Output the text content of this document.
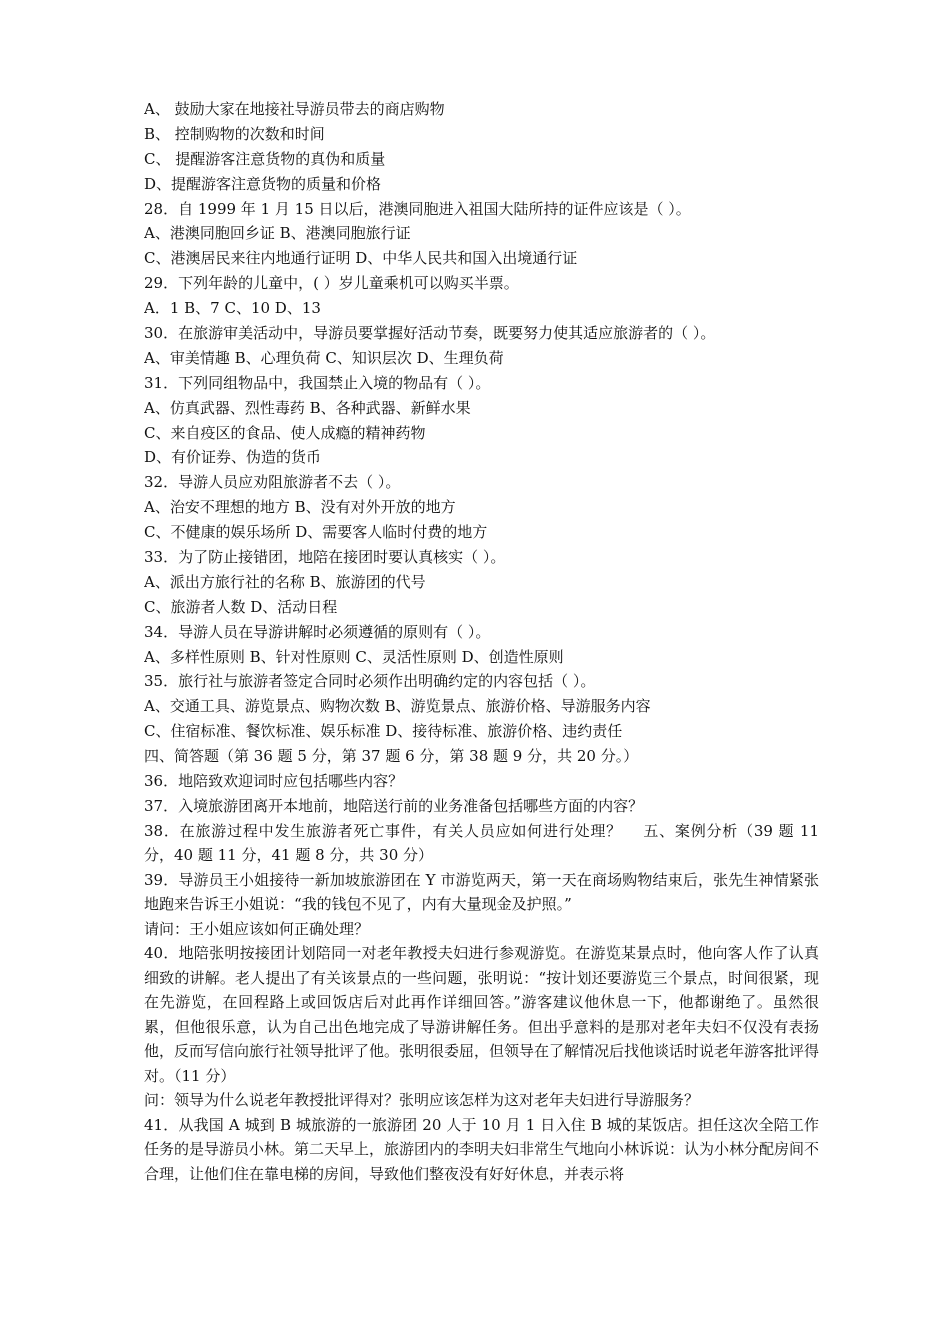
A、 鼓励大家在地接社导游员带去的商店购物
B、 控制购物的次数和时间
C、 提醒游客注意货物的真伪和质量
D、提醒游客注意货物的质量和价格
28．自 1999 年 1 月 15 日以后，港澳同胞进入祖国大陆所持的证件应该是（ ）。
A、港澳同胞回乡证 B、港澳同胞旅行证
C、港澳居民来往内地通行证明 D、中华人民共和国入出境通行证
29．下列年龄的儿童中，( ）岁儿童乘机可以购买半票。
A．1 B、7 C、10 D、13
30．在旅游审美活动中，导游员要掌握好活动节奏，既要努力使其适应旅游者的（ ）。
A、审美情趣 B、心理负荷 C、知识层次 D、生理负荷
31．下列同组物品中，我国禁止入境的物品有（ ）。
A、仿真武器、烈性毒药 B、各种武器、新鲜水果
C、来自疫区的食品、使人成瘾的精神药物
D、有价证券、伪造的货币
32．导游人员应劝阻旅游者不去（ ）。
A、治安不理想的地方 B、没有对外开放的地方
C、不健康的娱乐场所 D、需要客人临时付费的地方
33．为了防止接错团，地陪在接团时要认真核实（ ）。
A、派出方旅行社的名称 B、旅游团的代号
C、旅游者人数 D、活动日程
34．导游人员在导游讲解时必须遵循的原则有（ ）。
A、多样性原则 B、针对性原则 C、灵活性原则 D、创造性原则
35．旅行社与旅游者签定合同时必须作出明确约定的内容包括（ ）。
A、交通工具、游览景点、购物次数 B、游览景点、旅游价格、导游服务内容
C、住宿标准、餐饮标准、娱乐标准 D、接待标准、旅游价格、违约责任
四、简答题（第 36 题 5 分，第 37 题 6 分，第 38 题 9 分，共 20 分。）
36．地陪致欢迎词时应包括哪些内容？
37．入境旅游团离开本地前，地陪送行前的业务准备包括哪些方面的内容？

38．在旅游过程中发生旅游者死亡事件，有关人员应如何进行处理？　 五、案例分析（39 题 11 分，40 题 11 分，41 题 8 分，共 30 分）

39．导游员王小姐接待一新加坡旅游团在 Y 市游览两天，第一天在商场购物结束后，张先生神情紧张地跑来告诉王小姐说：“我的钱包不见了，内有大量现金及护照。”

请问：王小姐应该如何正确处理？

40．地陪张明按接团计划陪同一对老年教授夫妇进行参观游览。在游览某景点时，他向客人作了认真细致的讲解。老人提出了有关该景点的一些问题，张明说：“按计划还要游览三个景点，时间很紧，现在先游览，在回程路上或回饭店后对此再作详细回答。”游客建议他休息一下，他都谢绝了。虽然很累，但他很乐意，认为自己出色地完成了导游讲解任务。但出乎意料的是那对老年夫妇不仅没有表扬他，反而写信向旅行社领导批评了他。张明很委屈，但领导在了解情况后找他谈话时说老年游客批评得对。（11 分）

问：领导为什么说老年教授批评得对？张明应该怎样为这对老年夫妇进行导游服务？

41．从我国 A 城到 B 城旅游的一旅游团 20 人于 10 月 1 日入住 B 城的某饭店。担任这次全陪工作任务的是导游员小林。第二天早上，旅游团内的李明夫妇非常生气地向小林诉说：认为小林分配房间不合理，让他们住在靠电梯的房间，导致他们整夜没有好好休息，并表示将
